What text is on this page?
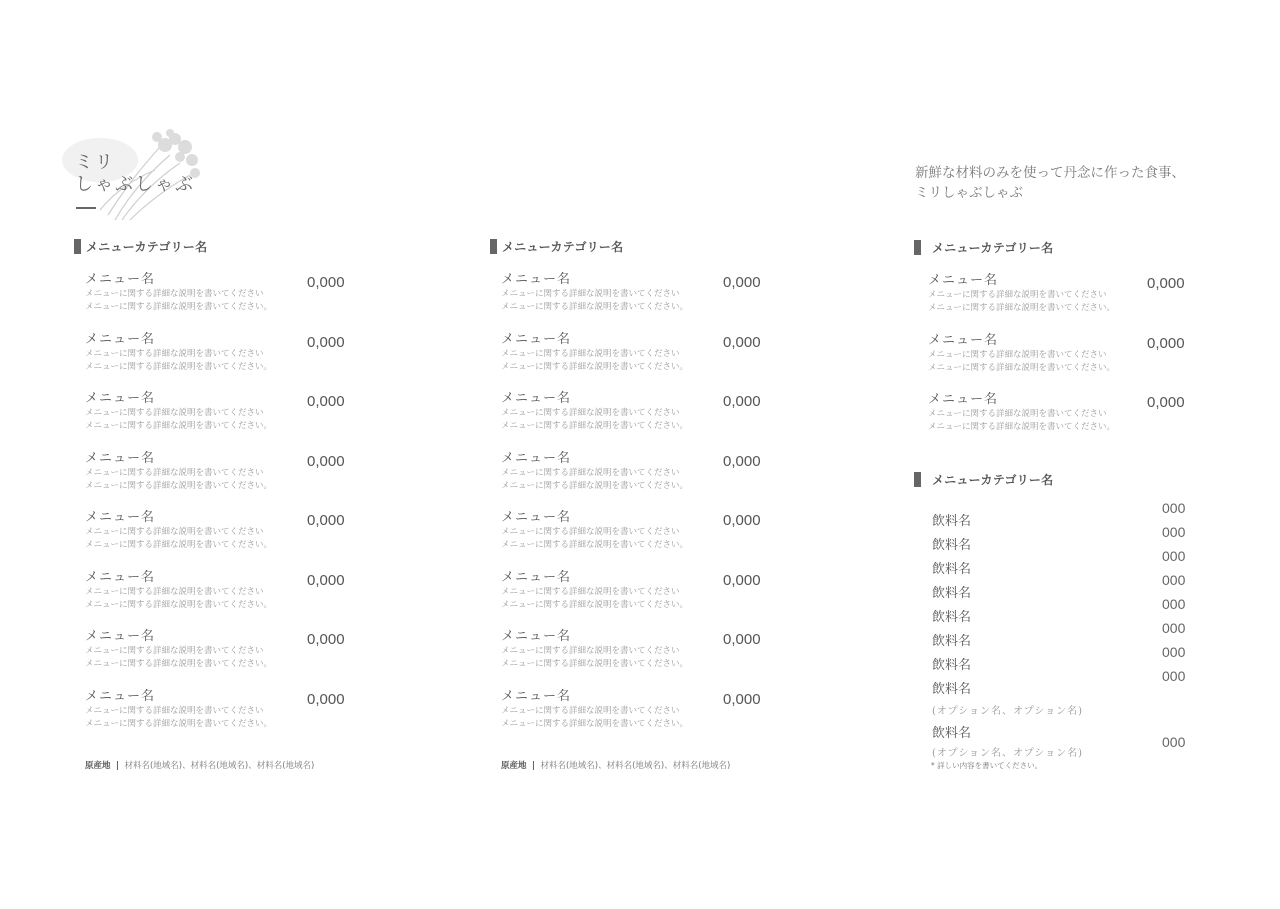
ミリ
しゃぶしゃぶ
新鮮な材料のみを使って丹念に作った食事、
ミリしゃぶしゃぶ
メニューカテゴリー名
メニュー名
メニューに関する詳細な説明を書いてください
メニューに関する詳細な説明を書いてください。
0,000
メニュー名
メニューに関する詳細な説明を書いてください
メニューに関する詳細な説明を書いてください。
0,000
メニュー名
メニューに関する詳細な説明を書いてください
メニューに関する詳細な説明を書いてください。
0,000
メニュー名
メニューに関する詳細な説明を書いてください
メニューに関する詳細な説明を書いてください。
0,000
メニュー名
メニューに関する詳細な説明を書いてください
メニューに関する詳細な説明を書いてください。
0,000
メニュー名
メニューに関する詳細な説明を書いてください
メニューに関する詳細な説明を書いてください。
0,000
メニュー名
メニューに関する詳細な説明を書いてください
メニューに関する詳細な説明を書いてください。
0,000
メニュー名
メニューに関する詳細な説明を書いてください
メニューに関する詳細な説明を書いてください。
0,000
原産地 | 材料名(地域名)、材料名(地域名)、材料名(地域名)
メニューカテゴリー名
メニュー名
メニューに関する詳細な説明を書いてください
メニューに関する詳細な説明を書いてください。
0,000
メニュー名
メニューに関する詳細な説明を書いてください
メニューに関する詳細な説明を書いてください。
0,000
メニュー名
メニューに関する詳細な説明を書いてください
メニューに関する詳細な説明を書いてください。
0,000
メニュー名
メニューに関する詳細な説明を書いてください
メニューに関する詳細な説明を書いてください。
0,000
メニュー名
メニューに関する詳細な説明を書いてください
メニューに関する詳細な説明を書いてください。
0,000
メニュー名
メニューに関する詳細な説明を書いてください
メニューに関する詳細な説明を書いてください。
0,000
メニュー名
メニューに関する詳細な説明を書いてください
メニューに関する詳細な説明を書いてください。
0,000
メニュー名
メニューに関する詳細な説明を書いてください
メニューに関する詳細な説明を書いてください。
0,000
原産地 | 材料名(地域名)、材料名(地域名)、材料名(地域名)
メニューカテゴリー名
メニュー名
メニューに関する詳細な説明を書いてください
メニューに関する詳細な説明を書いてください。
0,000
メニュー名
メニューに関する詳細な説明を書いてください
メニューに関する詳細な説明を書いてください。
0,000
メニュー名
メニューに関する詳細な説明を書いてください
メニューに関する詳細な説明を書いてください。
0,000
メニューカテゴリー名
飲料名
000
飲料名
000
飲料名
000
飲料名
000
飲料名
000
飲料名
000
飲料名
000
飲料名
000
(オプション名、オプション名)
飲料名
(オプション名、オプション名)
000
* 詳しい内容を書いてください。
